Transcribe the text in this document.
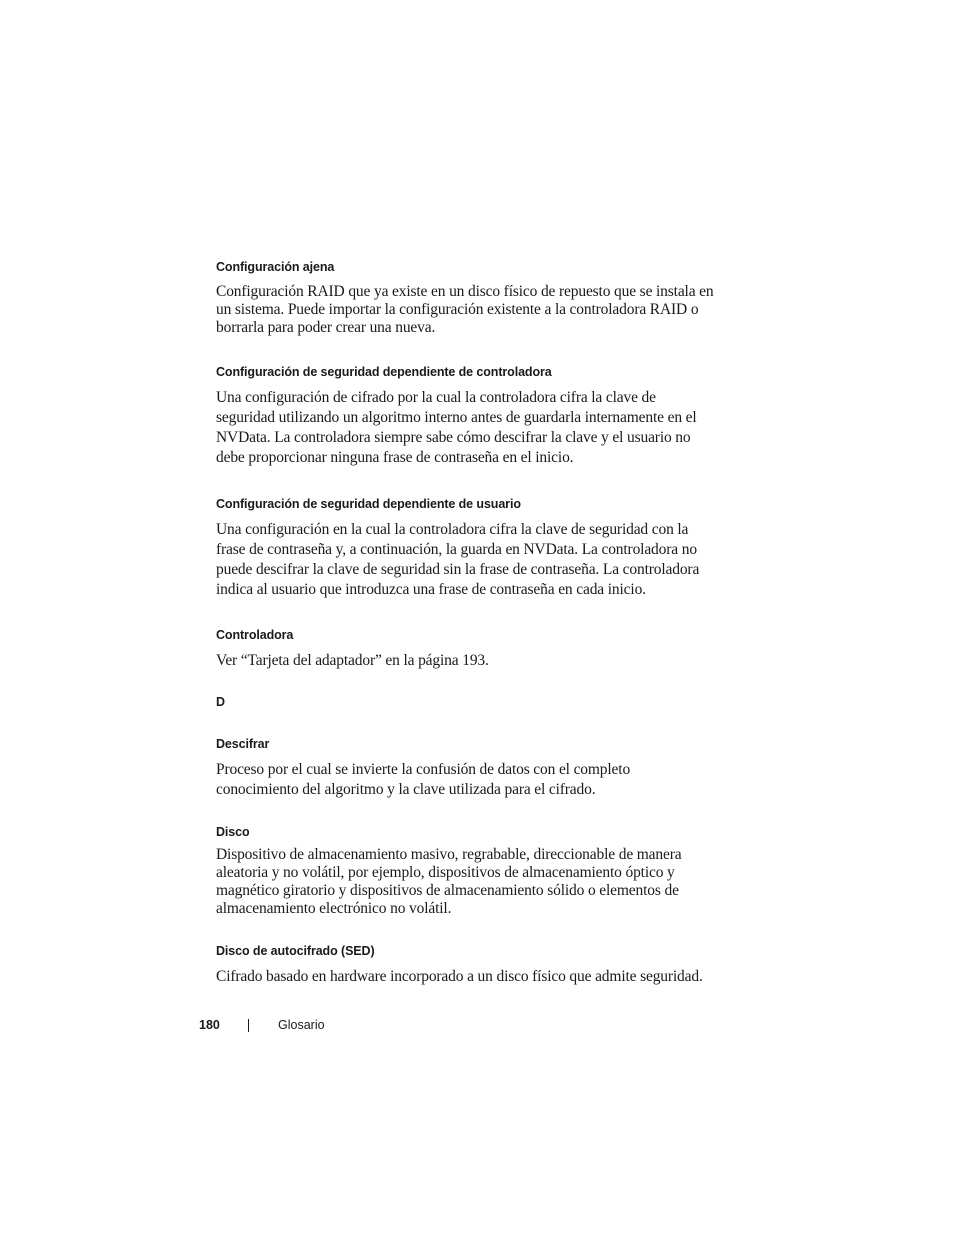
Configuración ajena

Configuración RAID que ya existe en un disco físico de repuesto que se instala en un sistema. Puede importar la configuración existente a la controladora RAID o borrarla para poder crear una nueva.

Configuración de seguridad dependiente de controladora

Una configuración de cifrado por la cual la controladora cifra la clave de seguridad utilizando un algoritmo interno antes de guardarla internamente en el NVData. La controladora siempre sabe cómo descifrar la clave y el usuario no debe proporcionar ninguna frase de contraseña en el inicio.

Configuración de seguridad dependiente de usuario

Una configuración en la cual la controladora cifra la clave de seguridad con la frase de contraseña y, a continuación, la guarda en NVData. La controladora no puede descifrar la clave de seguridad sin la frase de contraseña. La controladora indica al usuario que introduzca una frase de contraseña en cada inicio.

Controladora

Ver “Tarjeta del adaptador” en la página 193.

D
Descifrar

Proceso por el cual se invierte la confusión de datos con el completo conocimiento del algoritmo y la clave utilizada para el cifrado.

Disco

Dispositivo de almacenamiento masivo, regrabable, direccionable de manera aleatoria y no volátil, por ejemplo, dispositivos de almacenamiento óptico y magnético giratorio y dispositivos de almacenamiento sólido o elementos de almacenamiento electrónico no volátil.

Disco de autocifrado (SED)

Cifrado basado en hardware incorporado a un disco físico que admite seguridad.

180	Glosario
